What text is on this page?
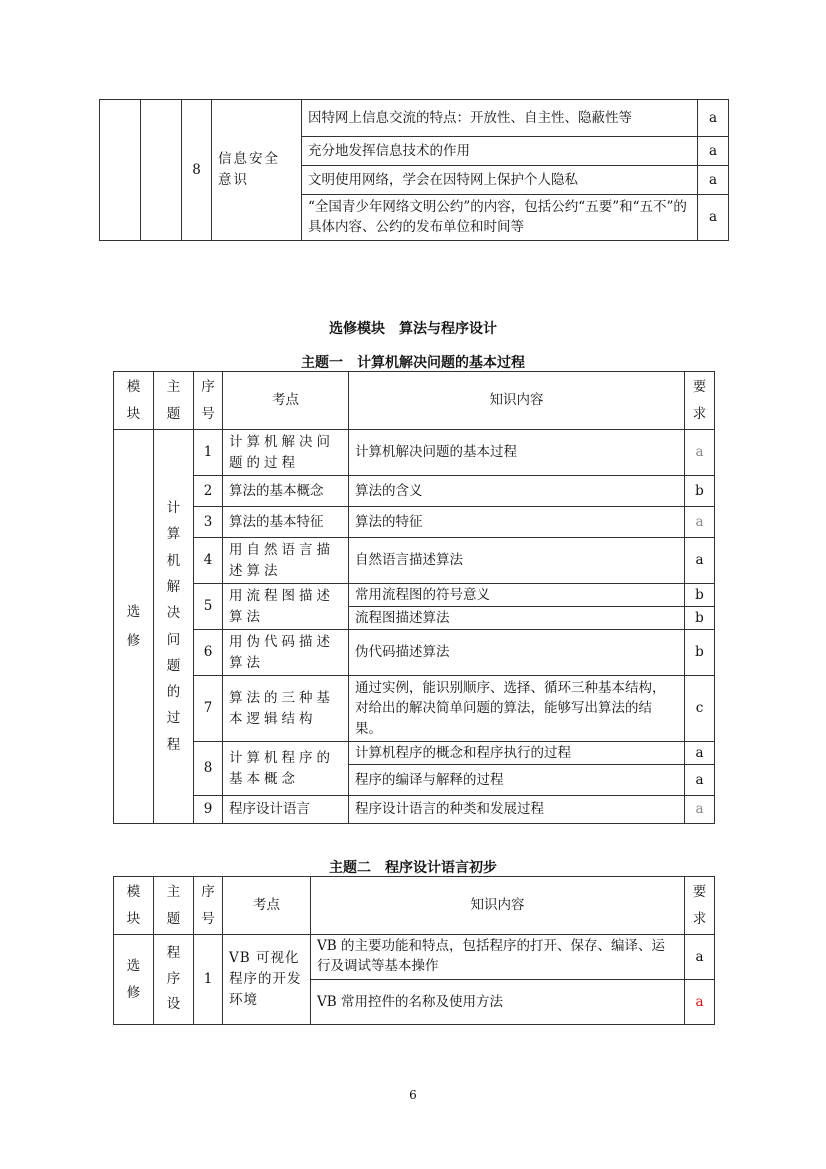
		8	信息安全意识	因特网上信息交流的特点：开放性、自主性、隐蔽性等	a
				充分地发挥信息技术的作用	a
				文明使用网络，学会在因特网上保护个人隐私	a
				“全国青少年网络文明公约”的内容，包括公约“五要”和“五不”的具体内容、公约的发布单位和时间等	a
选修模块　算法与程序设计
主题一　计算机解决问题的基本过程
模块	主题	序号	考点	知识内容	要求

选修	计算机解决问题的过程	1	计算机解决问题的过程	计算机解决问题的基本过程	a
		2	算法的基本概念	算法的含义	b
		3	算法的基本特征	算法的特征	a
		4	用自然语言描述算法	自然语言描述算法	a
		5	用流程图描述算法	常用流程图的符号意义	b
				流程图描述算法	b
		6	用伪代码描述算法	伪代码描述算法	b
		7	算法的三种基本逻辑结构	通过实例，能识别顺序、选择、循环三种基本结构，对给出的解决简单问题的算法，能够写出算法的结果。	c
		8	计算机程序的基本概念	计算机程序的概念和程序执行的过程	a
				程序的编译与解释的过程	a
		9	程序设计语言	程序设计语言的种类和发展过程	a
主题二　程序设计语言初步
模块	主题	序号	考点	知识内容	要求

选修	程序设	1	VB 可视化程序的开发环境	VB 的主要功能和特点，包括程序的打开、保存、编译、运行及调试等基本操作	a
				VB 常用控件的名称及使用方法	a
6
